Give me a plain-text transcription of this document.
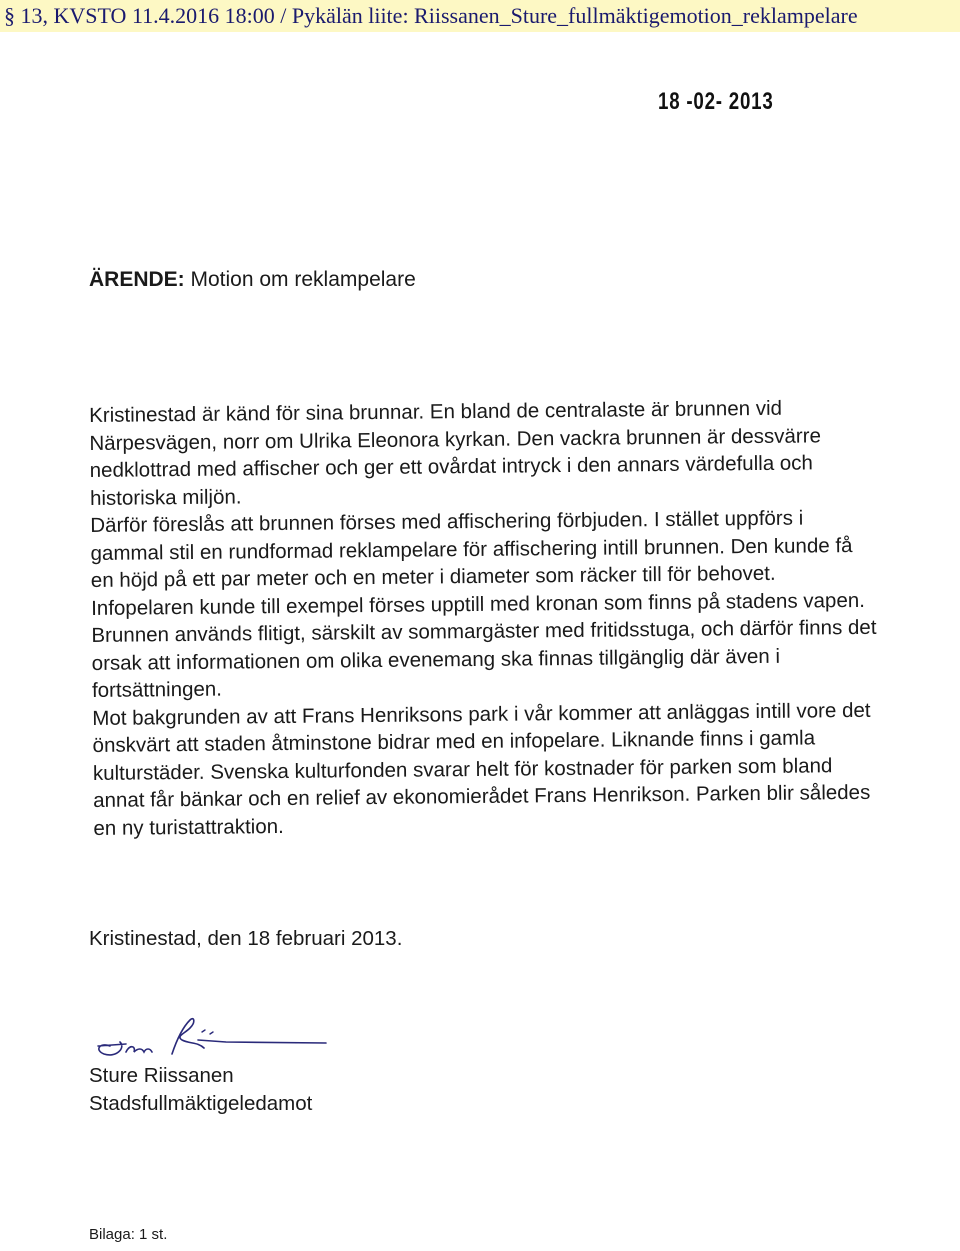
§ 13, KVSTO 11.4.2016 18:00 / Pykälän liite: Riissanen_Sture_fullmäktigemotion_reklampelare
18 -02- 2013
ÄRENDE: Motion om reklampelare

Kristinestad är känd för sina brunnar. En bland de centralaste är brunnen vid Närpesvägen, norr om Ulrika Eleonora kyrkan. Den vackra brunnen är dessvärre nedklottrad med affischer och ger ett ovårdat intryck i den annars värdefulla och historiska miljön.

Därför föreslås att brunnen förses med affischering förbjuden. I stället uppförs i gammal stil en rundformad reklampelare för affischering intill brunnen. Den kunde få en höjd på ett par meter och en meter i diameter som räcker till för behovet. Infopelaren kunde till exempel förses upptill med kronan som finns på stadens vapen.

Brunnen används flitigt, särskilt av sommargäster med fritidsstuga, och därför finns det orsak att informationen om olika evenemang ska finnas tillgänglig där även i fortsättningen.

Mot bakgrunden av att Frans Henriksons park i vår kommer att anläggas intill vore det önskvärt att staden åtminstone bidrar med en infopelare. Liknande finns i gamla kulturstäder. Svenska kulturfonden svarar helt för kostnader för parken som bland annat får bänkar och en relief av ekonomierådet Frans Henrikson. Parken blir således en ny turistattraktion.

Kristinestad, den 18 februari 2013.
Sture Riissanen
Stadsfullmäktigeledamot
Bilaga: 1 st.
